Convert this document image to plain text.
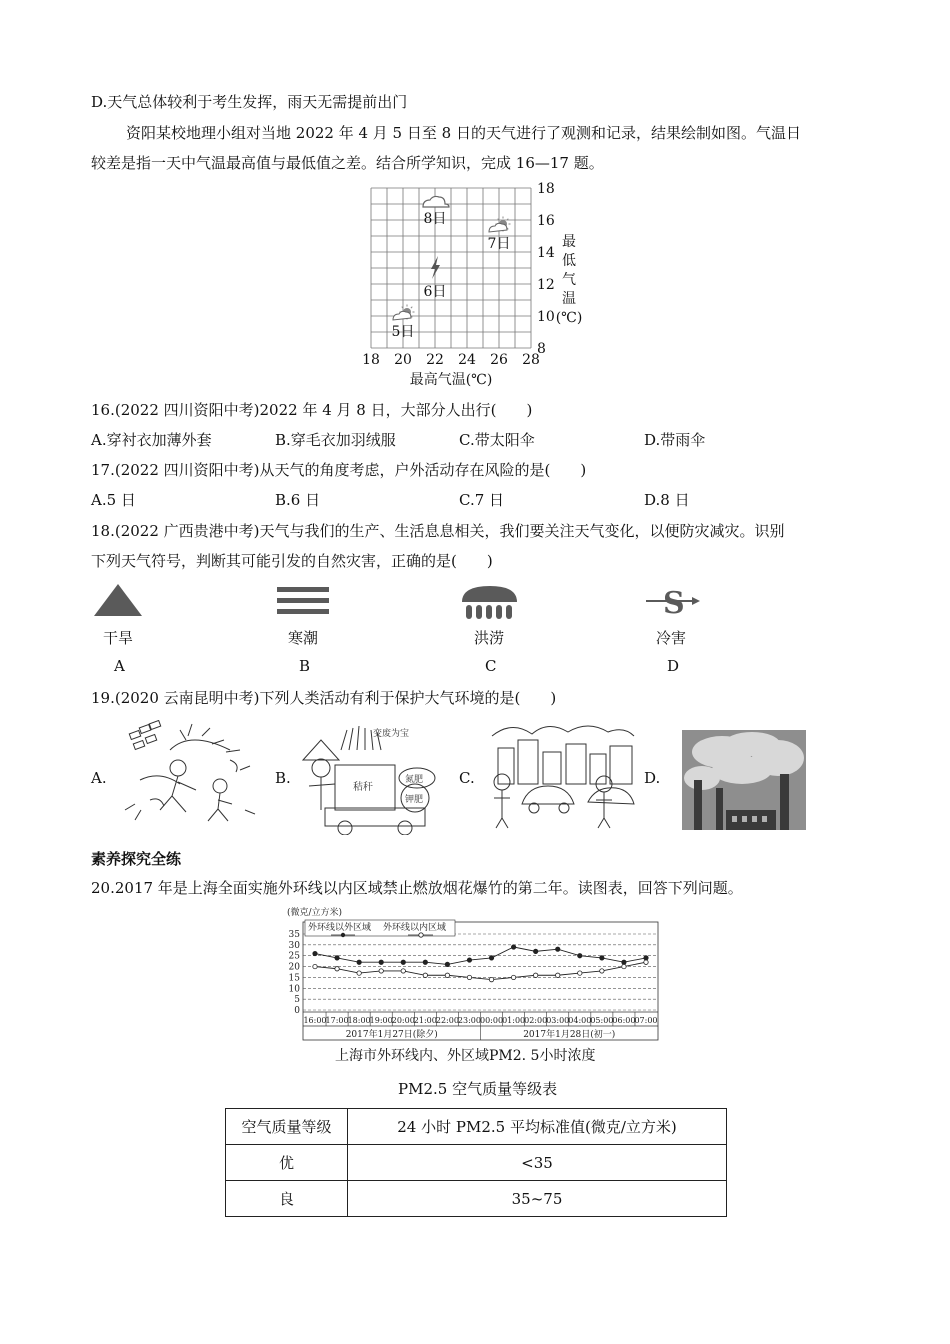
D.天气总体较利于考生发挥，雨天无需提前出门
资阳某校地理小组对当地 2022 年 4 月 5 日至 8 日的天气进行了观测和记录，结果绘制如图。气温日
较差是指一天中气温最高值与最低值之差。结合所学知识，完成 16—17 题。
18 20 22 24 26 28
8
10
12
14
16
18
最高气温(℃)
最
低
气
温
(℃)
5日
6日
7日
8日
16.(2022 四川资阳中考)2022 年 4 月 8 日，大部分人出行(　　)
A.穿衬衣加薄外套	B.穿毛衣加羽绒服	C.带太阳伞	D.带雨伞
17.(2022 四川资阳中考)从天气的角度考虑，户外活动存在风险的是(　　)
A.5 日	B.6 日	C.7 日	D.8 日
18.(2022 广西贵港中考)天气与我们的生产、生活息息相关，我们要关注天气变化，以便防灾减灾。识别
下列天气符号，判断其可能引发的自然灾害，正确的是(　　)
S
干旱	寒潮	洪涝	冷害
A	B	C	D
19.(2020 云南昆明中考)下列人类活动有利于保护大气环境的是(　　)
A.	B.	C.	D.
变废为宝
秸秆
氮肥
钾肥
素养探究全练
20.2017 年是上海全面实施外环线以内区域禁止燃放烟花爆竹的第二年。读图表，回答下列问题。
(微克/立方米)
35
30
25
20
15
10
5
0
16:00 17:00 18:00 19:00 20:00 21:00 22:00 23:00 00:00 01:00 02:00 03:00 04:00 05:00 06:00 07:00
2017年1月27日(除夕)	2017年1月28日(初一)
外环线以外区域 外环线以内区域
上海市外环线内、外区域PM2. 5小时浓度
PM2.5 空气质量等级表
空气质量等级	24 小时 PM2.5 平均标准值(微克/立方米)
优	<35
良	35~75
